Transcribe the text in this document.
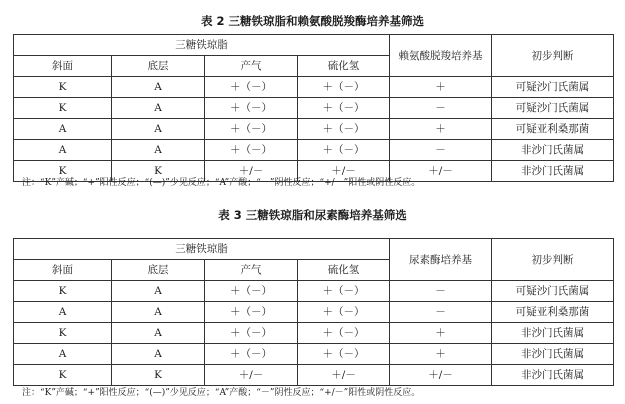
表 2 三糖铁琼脂和赖氨酸脱羧酶培养基筛选
三糖铁琼脂				赖氨酸脱羧培养基	初步判断
斜面	底层	产气	硫化氢		
K	A	＋（－）	＋（－）	＋	可疑沙门氏菌属
K	A	＋（－）	＋（－）	－	可疑沙门氏菌属
A	A	＋（－）	＋（－）	＋	可疑亚利桑那菌
A	A	＋（－）	＋（－）	－	非沙门氏菌属
K	K	＋/－	＋/－	＋/－	非沙门氏菌属
注：“K”产碱；“+”阳性反应；“(—)”少见反应；“A”产酸；“－”阴性反应；“+/－”阳性或阴性反应。
表 3 三糖铁琼脂和尿素酶培养基筛选
三糖铁琼脂				尿素酶培养基	初步判断
斜面	底层	产气	硫化氢		
K	A	＋（－）	＋（－）	－	可疑沙门氏菌属
A	A	＋（－）	＋（－）	－	可疑亚利桑那菌
K	A	＋（－）	＋（－）	＋	非沙门氏菌属
A	A	＋（－）	＋（－）	＋	非沙门氏菌属
K	K	＋/－	＋/－	＋/－	非沙门氏菌属
注：“K”产碱；“+”阳性反应；“(—)”少见反应；“A”产酸；“－”阴性反应；“+/－”阳性或阴性反应。
